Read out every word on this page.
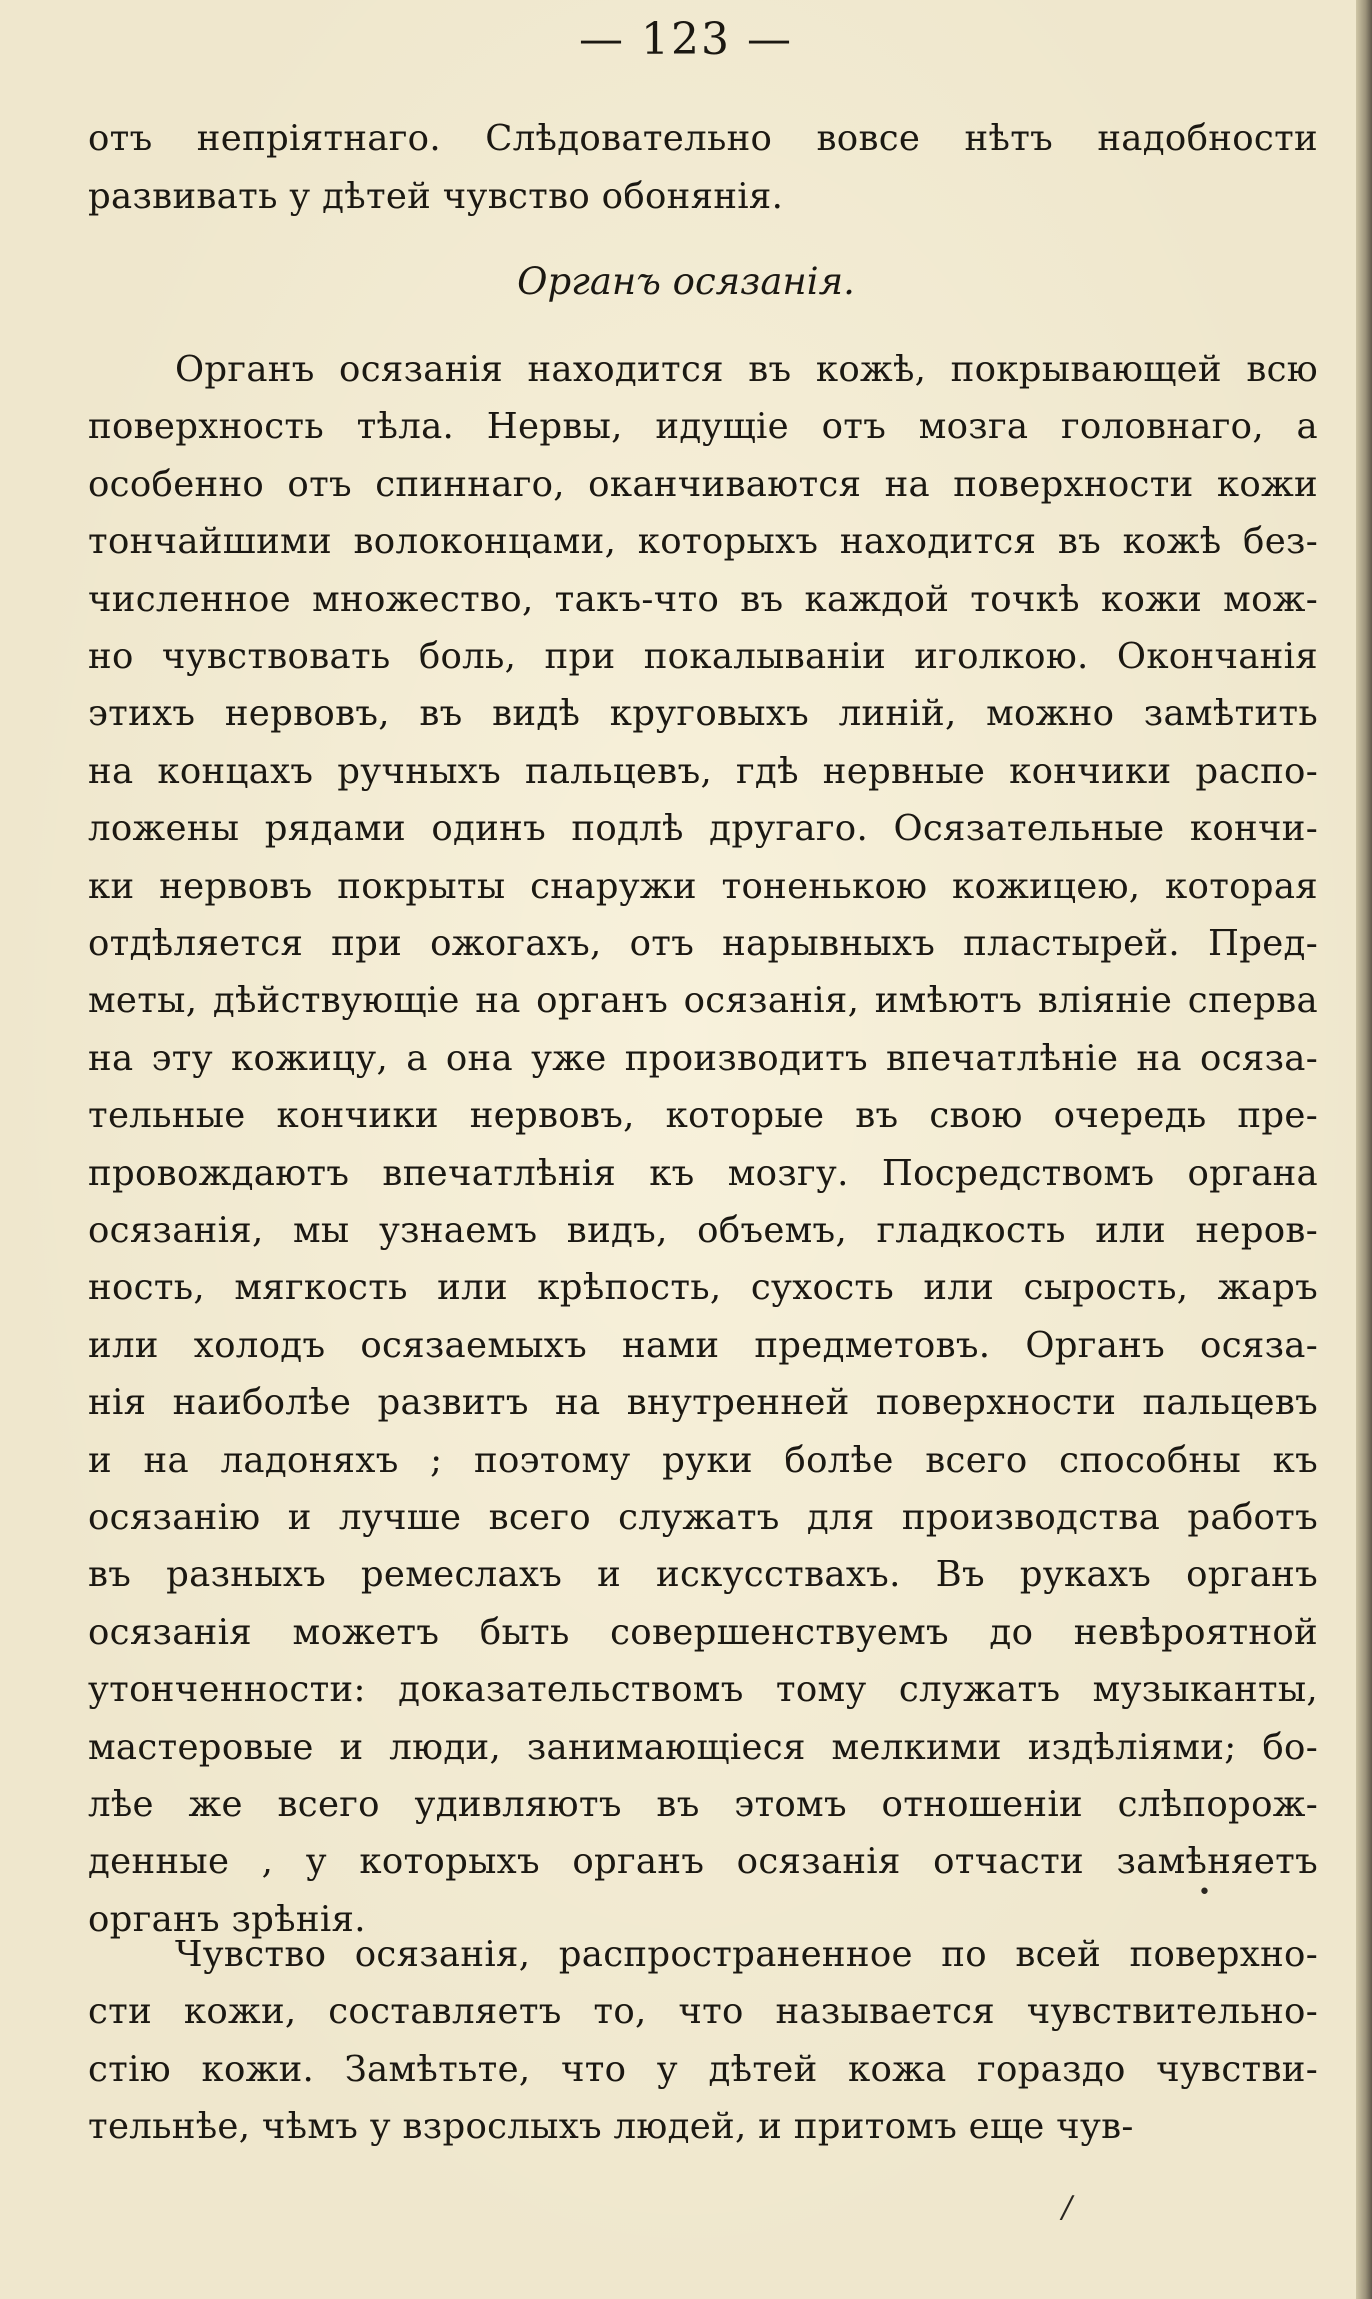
— 123 —
отъ непріятнаго. Слѣдовательно вовсе нѣтъ надобности
развивать у дѣтей чувство обонянія.
Органъ осязанія.
Органъ осязанія находится въ кожѣ, покрывающей всю
поверхность тѣла. Нервы, идущіе отъ мозга головнаго, а
особенно отъ спиннаго, оканчиваются на поверхности кожи
тончайшими волоконцами, которыхъ находится въ кожѣ без-
численное множество, такъ-что въ каждой точкѣ кожи мож-
но чувствовать боль, при покалываніи иголкою. Окончанія
этихъ нервовъ, въ видѣ круговыхъ линій, можно замѣтить
на концахъ ручныхъ пальцевъ, гдѣ нервные кончики распо-
ложены рядами одинъ подлѣ другаго. Осязательные кончи-
ки нервовъ покрыты снаружи тоненькою кожицею, которая
отдѣляется при ожогахъ, отъ нарывныхъ пластырей. Пред-
меты, дѣйствующіе на органъ осязанія, имѣютъ вліяніе сперва
на эту кожицу, а она уже производитъ впечатлѣніе на осяза-
тельные кончики нервовъ, которые въ свою очередь пре-
провождаютъ впечатлѣнія къ мозгу. Посредствомъ органа
осязанія, мы узнаемъ видъ, объемъ, гладкость или неров-
ность, мягкость или крѣпость, сухость или сырость, жаръ
или холодъ осязаемыхъ нами предметовъ. Органъ осяза-
нія наиболѣе развитъ на внутренней поверхности пальцевъ
и на ладоняхъ ; поэтому руки болѣе всего способны къ
осязанію и лучше всего служатъ для производства работъ
въ разныхъ ремеслахъ и искусствахъ. Въ рукахъ органъ
осязанія можетъ быть совершенствуемъ до невѣроятной
утонченности: доказательствомъ тому служатъ музыканты,
мастеровые и люди, занимающіеся мелкими издѣліями; бо-
лѣе же всего удивляютъ въ этомъ отношеніи слѣпорож-
денные , у которыхъ органъ осязанія отчасти замѣняетъ
органъ зрѣнія.
Чувство осязанія, распространенное по всей поверхно-
сти кожи, составляетъ то, что называется чувствительно-
стію кожи. Замѣтьте, что у дѣтей кожа гораздо чувстви-
тельнѣе, чѣмъ у взрослыхъ людей, и притомъ еще чув-
•
/
